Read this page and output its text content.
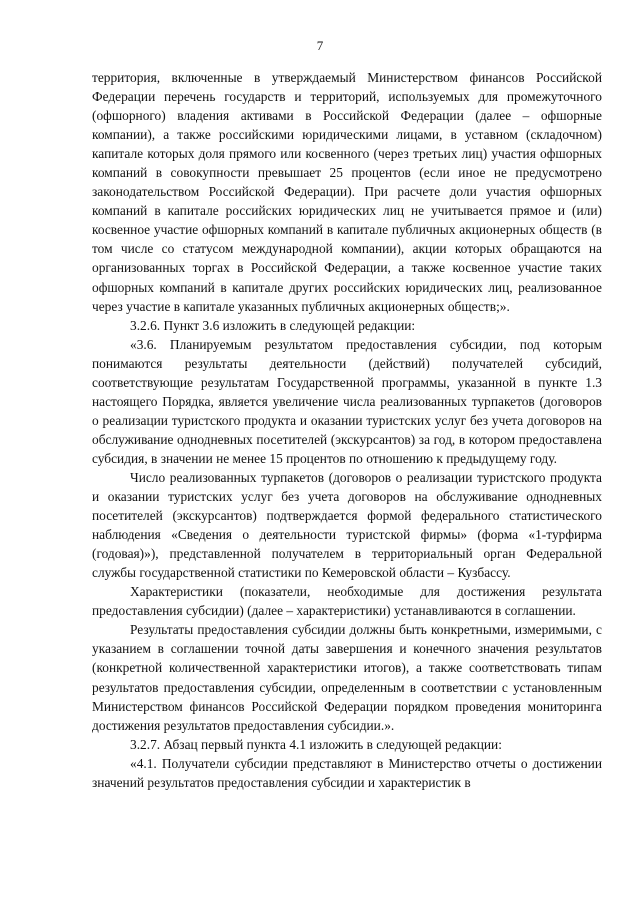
7

территория, включенные в утверждаемый Министерством финансов Российской Федерации перечень государств и территорий, используемых для промежуточного (офшорного) владения активами в Российской Федерации (далее – офшорные компании), а также российскими юридическими лицами, в уставном (складочном) капитале которых доля прямого или косвенного (через третьих лиц) участия офшорных компаний в совокупности превышает 25 процентов (если иное не предусмотрено законодательством Российской Федерации). При расчете доли участия офшорных компаний в капитале российских юридических лиц не учитывается прямое и (или) косвенное участие офшорных компаний в капитале публичных акционерных обществ (в том числе со статусом международной компании), акции которых обращаются на организованных торгах в Российской Федерации, а также косвенное участие таких офшорных компаний в капитале других российских юридических лиц, реализованное через участие в капитале указанных публичных акционерных обществ;».

3.2.6. Пункт 3.6 изложить в следующей редакции:

«3.6. Планируемым результатом предоставления субсидии, под которым понимаются результаты деятельности (действий) получателей субсидий, соответствующие результатам Государственной программы, указанной в пункте 1.3 настоящего Порядка, является увеличение числа реализованных турпакетов (договоров о реализации туристского продукта и оказании туристских услуг без учета договоров на обслуживание однодневных посетителей (экскурсантов) за год, в котором предоставлена субсидия, в значении не менее 15 процентов по отношению к предыдущему году.

Число реализованных турпакетов (договоров о реализации туристского продукта и оказании туристских услуг без учета договоров на обслуживание однодневных посетителей (экскурсантов) подтверждается формой федерального статистического наблюдения «Сведения о деятельности туристской фирмы» (форма «1-турфирма (годовая)»), представленной получателем в территориальный орган Федеральной службы государственной статистики по Кемеровской области – Кузбассу.

Характеристики (показатели, необходимые для достижения результата предоставления субсидии) (далее – характеристики) устанавливаются в соглашении.

Результаты предоставления субсидии должны быть конкретными, измеримыми, с указанием в соглашении точной даты завершения и конечного значения результатов (конкретной количественной характеристики итогов), а также соответствовать типам результатов предоставления субсидии, определенным в соответствии с установленным Министерством финансов Российской Федерации порядком проведения мониторинга достижения результатов предоставления субсидии.».

3.2.7. Абзац первый пункта 4.1 изложить в следующей редакции:

«4.1. Получатели субсидии представляют в Министерство отчеты о достижении значений результатов предоставления субсидии и характеристик в
